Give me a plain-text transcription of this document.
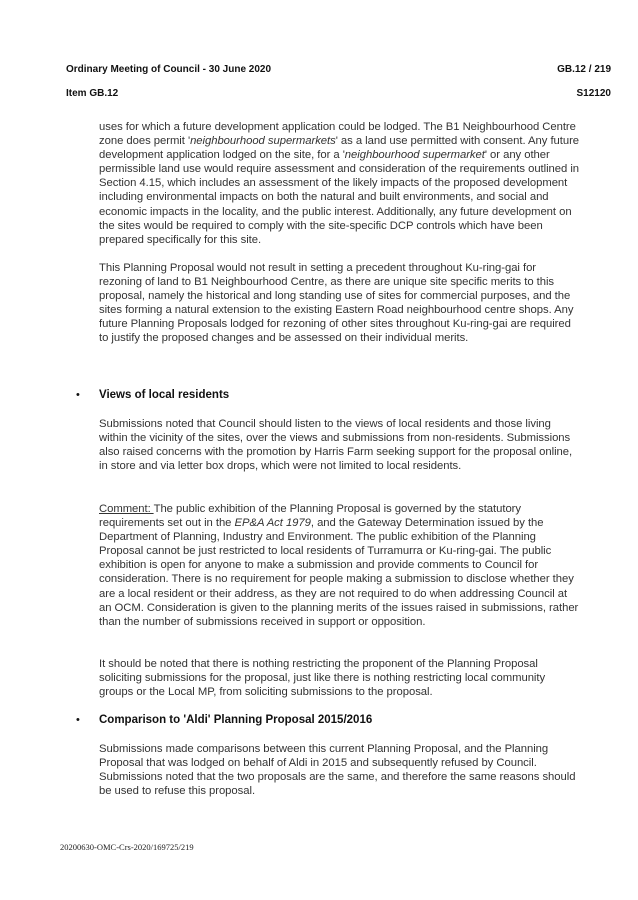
Ordinary Meeting of Council - 30 June 2020	GB.12 / 219
Item GB.12	S12120

uses for which a future development application could be lodged. The B1 Neighbourhood Centre zone does permit 'neighbourhood supermarkets' as a land use permitted with consent. Any future development application lodged on the site, for a 'neighbourhood supermarket' or any other permissible land use would require assessment and consideration of the requirements outlined in Section 4.15, which includes an assessment of the likely impacts of the proposed development including environmental impacts on both the natural and built environments, and social and economic impacts in the locality, and the public interest. Additionally, any future development on the sites would be required to comply with the site-specific DCP controls which have been prepared specifically for this site.

This Planning Proposal would not result in setting a precedent throughout Ku-ring-gai for rezoning of land to B1 Neighbourhood Centre, as there are unique site specific merits to this proposal, namely the historical and long standing use of sites for commercial purposes, and the sites forming a natural extension to the existing Eastern Road neighbourhood centre shops. Any future Planning Proposals lodged for rezoning of other sites throughout Ku-ring-gai are required to justify the proposed changes and be assessed on their individual merits.

• Views of local residents

Submissions noted that Council should listen to the views of local residents and those living within the vicinity of the sites, over the views and submissions from non-residents. Submissions also raised concerns with the promotion by Harris Farm seeking support for the proposal online, in store and via letter box drops, which were not limited to local residents.

Comment: The public exhibition of the Planning Proposal is governed by the statutory requirements set out in the EP&A Act 1979, and the Gateway Determination issued by the Department of Planning, Industry and Environment. The public exhibition of the Planning Proposal cannot be just restricted to local residents of Turramurra or Ku-ring-gai. The public exhibition is open for anyone to make a submission and provide comments to Council for consideration. There is no requirement for people making a submission to disclose whether they are a local resident or their address, as they are not required to do when addressing Council at an OCM. Consideration is given to the planning merits of the issues raised in submissions, rather than the number of submissions received in support or opposition.

It should be noted that there is nothing restricting the proponent of the Planning Proposal soliciting submissions for the proposal, just like there is nothing restricting local community groups or the Local MP, from soliciting submissions to the proposal.

• Comparison to 'Aldi' Planning Proposal 2015/2016

Submissions made comparisons between this current Planning Proposal, and the Planning Proposal that was lodged on behalf of Aldi in 2015 and subsequently refused by Council. Submissions noted that the two proposals are the same, and therefore the same reasons should be used to refuse this proposal.

20200630-OMC-Crs-2020/169725/219
